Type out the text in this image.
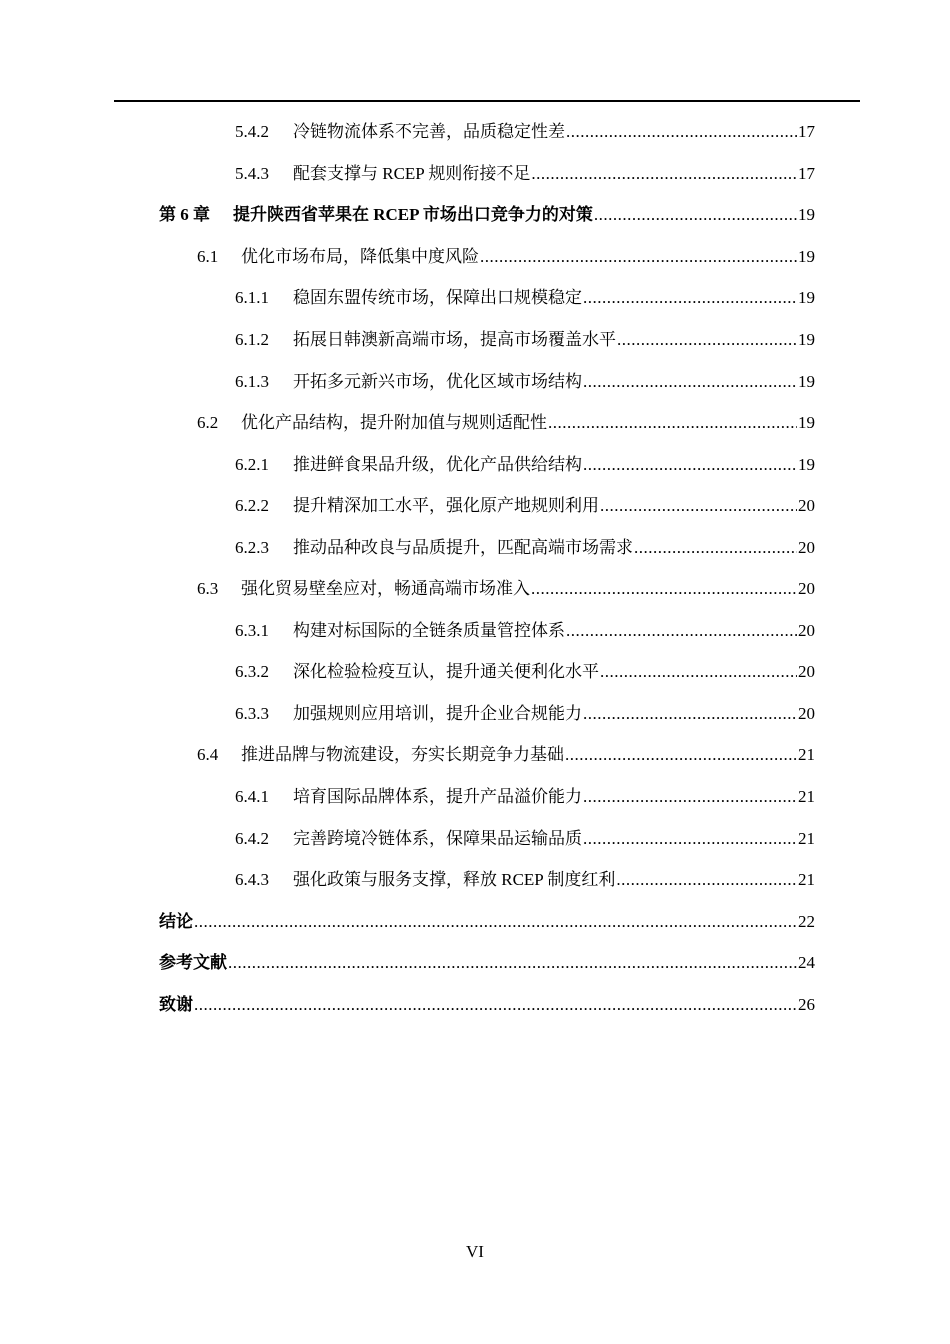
5.4.2	冷链物流体系不完善，品质稳定性差 .....	17
5.4.3	配套支撑与 RCEP 规则衔接不足 .....	17
第 6 章	提升陕西省苹果在 RCEP 市场出口竞争力的对策 .....	19
6.1	优化市场布局，降低集中度风险 .....	19
6.1.1	稳固东盟传统市场，保障出口规模稳定 .....	19
6.1.2	拓展日韩澳新高端市场，提高市场覆盖水平 .....	19
6.1.3	开拓多元新兴市场，优化区域市场结构 .....	19
6.2	优化产品结构，提升附加值与规则适配性 .....	19
6.2.1	推进鲜食果品升级，优化产品供给结构 .....	19
6.2.2	提升精深加工水平，强化原产地规则利用 .....	20
6.2.3	推动品种改良与品质提升，匹配高端市场需求 .....	20
6.3	强化贸易壁垒应对，畅通高端市场准入 .....	20
6.3.1	构建对标国际的全链条质量管控体系 .....	20
6.3.2	深化检验检疫互认，提升通关便利化水平 .....	20
6.3.3	加强规则应用培训，提升企业合规能力 .....	20
6.4	推进品牌与物流建设，夯实长期竞争力基础 .....	21
6.4.1	培育国际品牌体系，提升产品溢价能力 .....	21
6.4.2	完善跨境冷链体系，保障果品运输品质 .....	21
6.4.3	强化政策与服务支撑，释放 RCEP 制度红利 .....	21
结论 .....	22
参考文献 .....	24
致谢 .....	26
VI
